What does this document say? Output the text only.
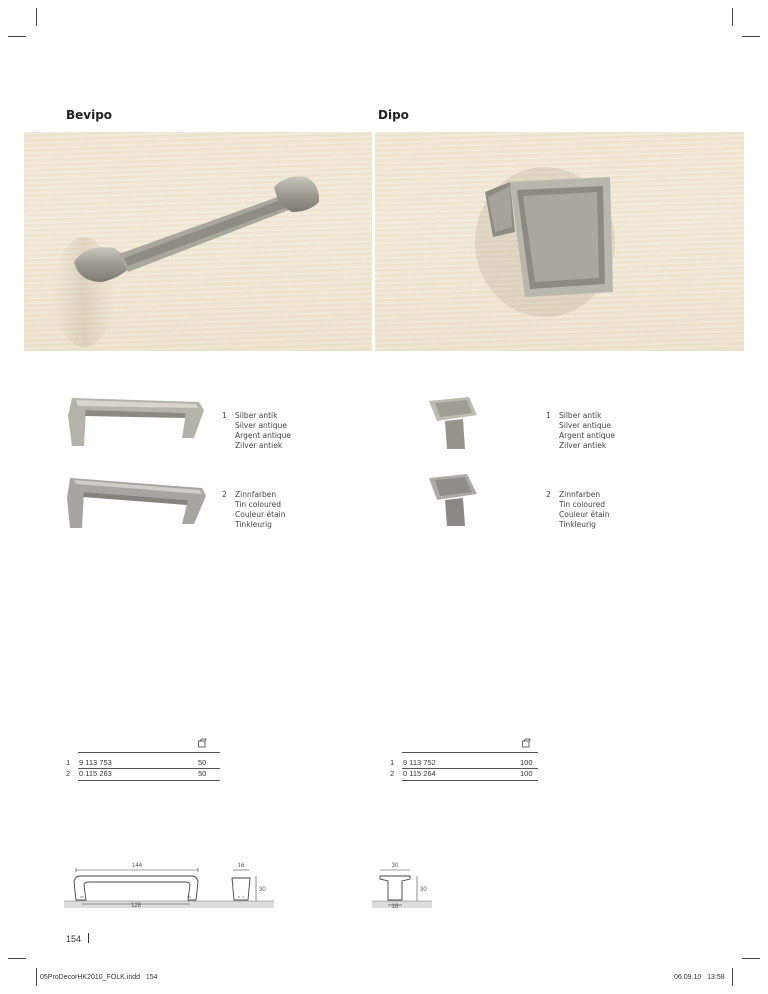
Bevipo	Dipo
1 Silber antik
Silver antique
Argent antique
Zilver antiek
2 Zinnfarben
Tin coloured
Couleur étain
Tinkleurig
1 Silber antik
Silver antique
Argent antique
Zilver antiek
2 Zinnfarben
Tin coloured
Couleur étain
Tinkleurig
1 9 113 753	50
2 0 115 263	50
1 9 113 752	100
2 0 115 264	100
144
128
16
30
30
30
16
154
05ProDecorHK2010_FOLK.indd   154	06.09.10   13:58
